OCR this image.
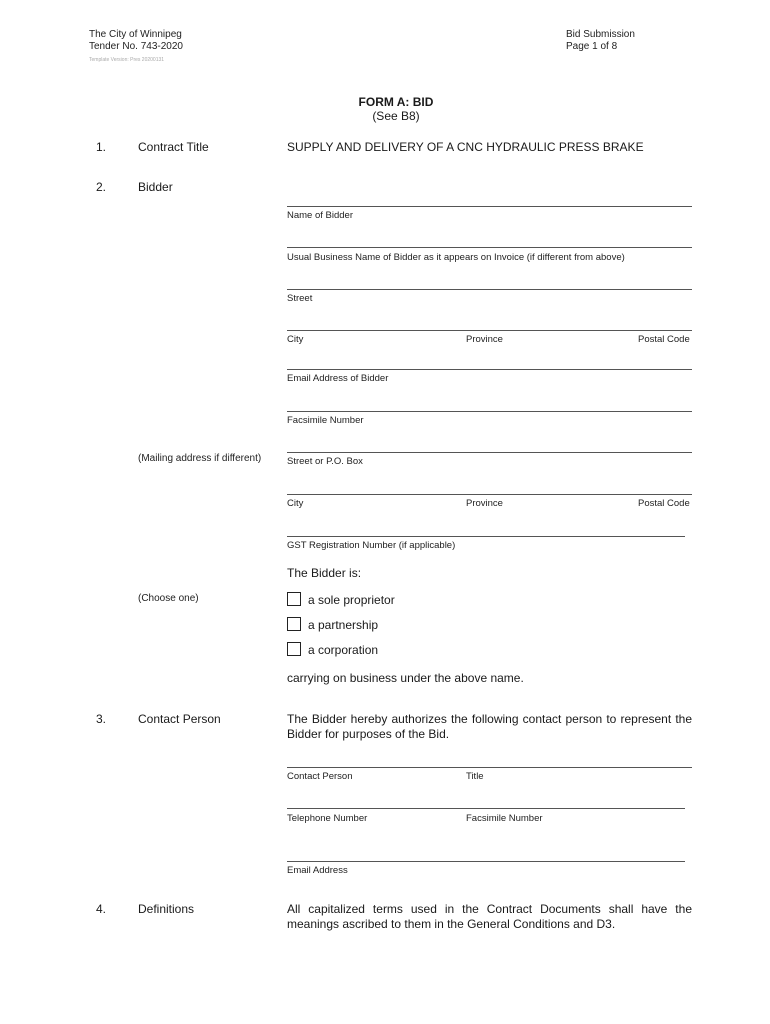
The City of Winnipeg
Tender No. 743-2020
Template Version: Pres 20200131
Bid Submission
Page 1 of 8
FORM A: BID
(See B8)
1.	Contract Title	SUPPLY AND DELIVERY OF A CNC HYDRAULIC PRESS BRAKE
2.	Bidder
Name of Bidder
Usual Business Name of Bidder as it appears on Invoice (if different from above)
Street
City	Province	Postal Code
Email Address of Bidder
Facsimile Number
(Mailing address if different)	Street or P.O. Box
City	Province	Postal Code
GST Registration Number (if applicable)
The Bidder is:
(Choose one)	a sole proprietor
a partnership
a corporation
carrying on business under the above name.
3.	Contact Person	The Bidder hereby authorizes the following contact person to represent the Bidder for purposes of the Bid.
Contact Person	Title
Telephone Number	Facsimile Number
Email Address
4.	Definitions	All capitalized terms used in the Contract Documents shall have the meanings ascribed to them in the General Conditions and D3.
